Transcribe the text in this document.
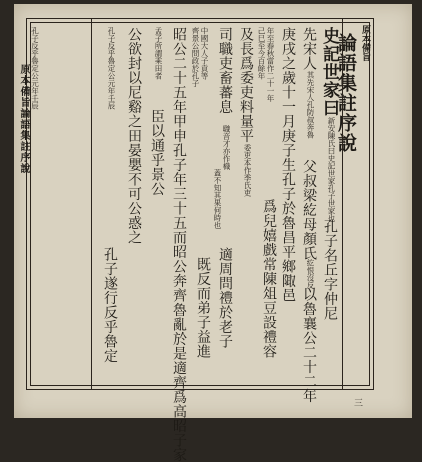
原本備旨
論語集註序說
史記世家曰
新安陳氏曰史記世家孔子世家也
孔子名丘字仲尼
先宋人
其先宋人孔防叔奔魯
父叔梁紇母顏氏
紇恨沒反
以魯襄公二十二年
庚戌之歲十一月庚子生孔子於魯昌平鄉陬邑
年至春秋當作二十一年
己巳至今百餘年
爲兒嬉戲常陳俎豆設禮容
及長爲委吏料量平
委吏本作季氏吏
司職吏畜蕃息
職音才亦作樴
蓋不知其果何時也
適周問禮於老子
中國大人子貢等
齊景公問政於孔子
既反而弟子益進
昭公二十五年甲申孔子年三十五而昭公奔齊魯亂於是適齊爲高昭子家
孟子所謂乘田者
臣以通乎景公
公欲封以尼谿之田晏嬰不可公惑之
孔子反乎魯定公元年壬辰
孔子遂行反乎魯定
孔子反乎魯定公元年壬辰
原本備旨論語集註序說
三
